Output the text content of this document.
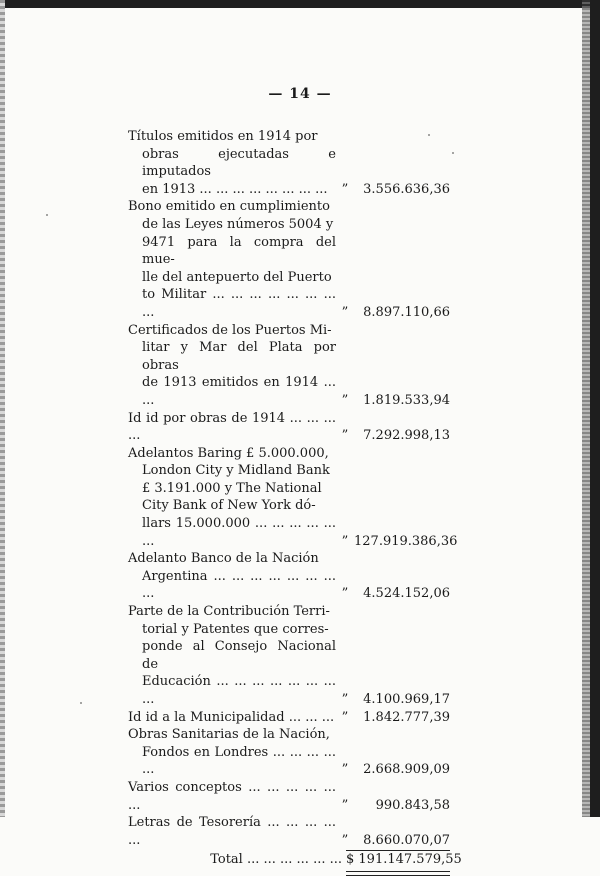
— 14 —
Títulos emitidos en 1914 por
obras ejecutadas e imputados
en 1913 ... ... ... ... ... ... ... ...	”	3.556.636,36
Bono emitido en cumplimiento
de las Leyes números 5004 y
9471 para la compra del mue-
lle del antepuerto del Puerto
to Militar ... ... ... ... ... ... ... ...	”	8.897.110,66
Certificados de los Puertos Mi-
litar y Mar del Plata por obras
de 1913 emitidos en 1914 ... ...	”	1.819.533,94
Id id por obras de 1914 ... ... ... ...	”	7.292.998,13
Adelantos Baring £ 5.000.000,
London City y Midland Bank
£ 3.191.000 y The National
City Bank of New York dó-
llars 15.000.000 ... ... ... ... ... ...	” 127.919.386,36
Adelanto Banco de la Nación
Argentina ... ... ... ... ... ... ... ...	”	4.524.152,06
Parte de la Contribución Terri-
torial y Patentes que corres-
ponde al Consejo Nacional de
Educación ... ... ... ... ... ... ... ...	”	4.100.969,17
Id id a la Municipalidad ... ... ... ”	1.842.777,39
Obras Sanitarias de la Nación,
Fondos en Londres ... ... ... ... ...	”	2.668.909,09
Varios conceptos ... ... ... ... ... ...	”	990.843,58
Letras de Tesorería ... ... ... ... ...	”	8.660.070,07
Total ... ... ... ... ... ... $ 191.147.579,55
